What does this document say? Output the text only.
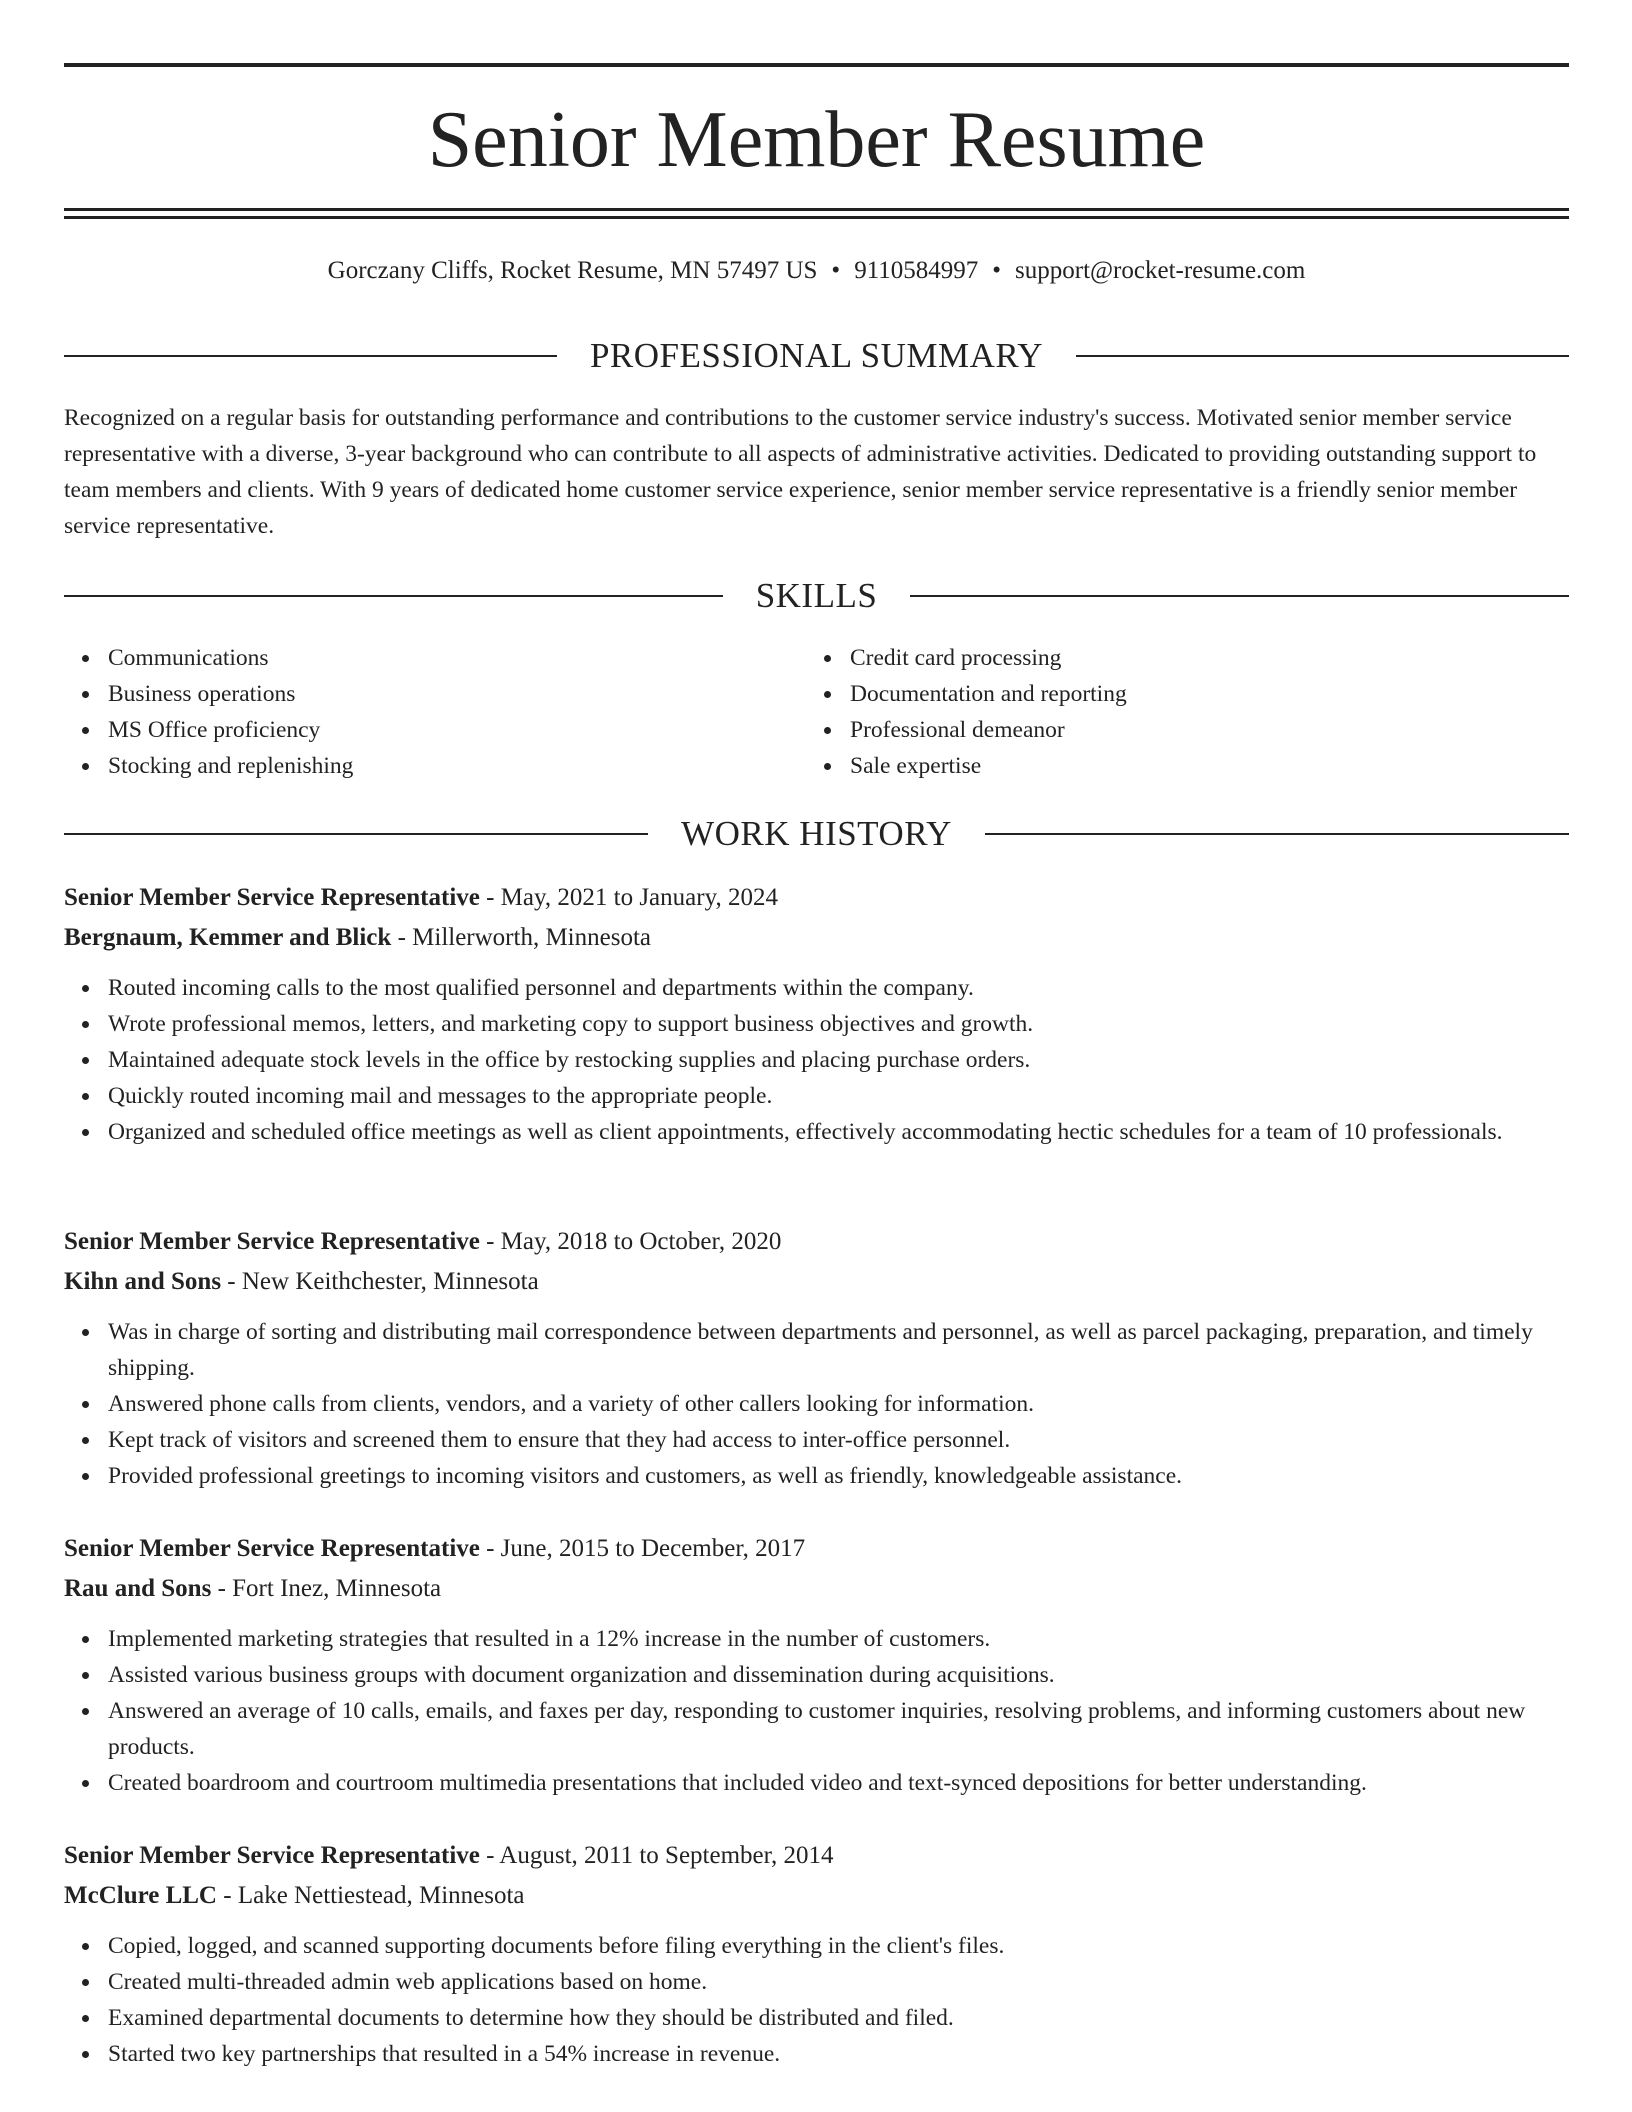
Senior Member Resume
Gorczany Cliffs, Rocket Resume, MN 57497 US • 9110584997 • support@rocket-resume.com
PROFESSIONAL SUMMARY

Recognized on a regular basis for outstanding performance and contributions to the customer service industry's success. Motivated senior member service representative with a diverse, 3-year background who can contribute to all aspects of administrative activities. Dedicated to providing outstanding support to team members and clients. With 9 years of dedicated home customer service experience, senior member service representative is a friendly senior member service representative.

SKILLS
Communications
Business operations
MS Office proficiency
Stocking and replenishing
Credit card processing
Documentation and reporting
Professional demeanor
Sale expertise
WORK HISTORY
Senior Member Service Representative - May, 2021 to January, 2024
Bergnaum, Kemmer and Blick - Millerworth, Minnesota
Routed incoming calls to the most qualified personnel and departments within the company.
Wrote professional memos, letters, and marketing copy to support business objectives and growth.
Maintained adequate stock levels in the office by restocking supplies and placing purchase orders.
Quickly routed incoming mail and messages to the appropriate people.
Organized and scheduled office meetings as well as client appointments, effectively accommodating hectic schedules for a team of 10 professionals.
Senior Member Service Representative - May, 2018 to October, 2020
Kihn and Sons - New Keithchester, Minnesota
Was in charge of sorting and distributing mail correspondence between departments and personnel, as well as parcel packaging, preparation, and timely shipping.
Answered phone calls from clients, vendors, and a variety of other callers looking for information.
Kept track of visitors and screened them to ensure that they had access to inter-office personnel.
Provided professional greetings to incoming visitors and customers, as well as friendly, knowledgeable assistance.
Senior Member Service Representative - June, 2015 to December, 2017
Rau and Sons - Fort Inez, Minnesota
Implemented marketing strategies that resulted in a 12% increase in the number of customers.
Assisted various business groups with document organization and dissemination during acquisitions.
Answered an average of 10 calls, emails, and faxes per day, responding to customer inquiries, resolving problems, and informing customers about new products.
Created boardroom and courtroom multimedia presentations that included video and text-synced depositions for better understanding.
Senior Member Service Representative - August, 2011 to September, 2014
McClure LLC - Lake Nettiestead, Minnesota
Copied, logged, and scanned supporting documents before filing everything in the client's files.
Created multi-threaded admin web applications based on home.
Examined departmental documents to determine how they should be distributed and filed.
Started two key partnerships that resulted in a 54% increase in revenue.
